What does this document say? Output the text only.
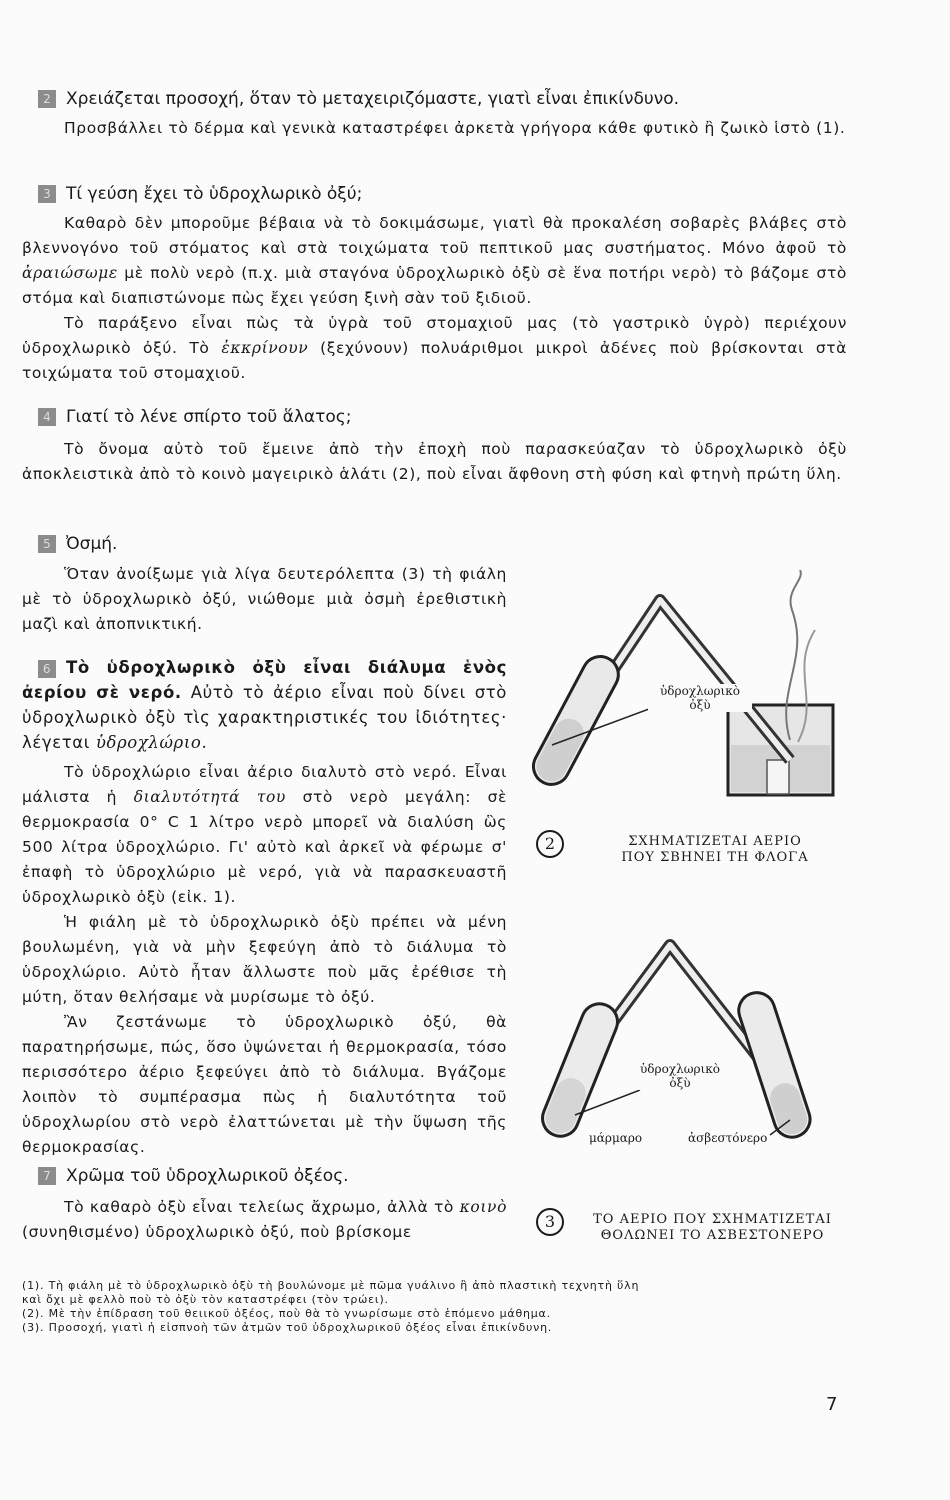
2 Χρειάζεται προσοχή, ὅταν τὸ μεταχειριζόμαστε, γιατὶ εἶναι ἐπικίνδυνο.

Προσβάλλει τὸ δέρμα καὶ γενικὰ καταστρέφει ἀρκετὰ γρήγορα κάθε φυτικὸ ἢ ζωικὸ ἱστὸ (1).

3 Τί γεύση ἔχει τὸ ὑδροχλωρικὸ ὀξύ;

Καθαρὸ δὲν μποροῦμε βέβαια νὰ τὸ δοκιμάσωμε, γιατὶ θὰ προκαλέση σοβαρὲς βλάβες στὸ βλεννογόνο τοῦ στόματος καὶ στὰ τοιχώματα τοῦ πεπτικοῦ μας συστήματος. Μόνο ἀφοῦ τὸ ἀραιώσωμε μὲ πολὺ νερὸ (π.χ. μιὰ σταγόνα ὑδροχλωρικὸ ὀξὺ σὲ ἕνα ποτήρι νερὸ) τὸ βάζομε στὸ στόμα καὶ διαπιστώνομε πὼς ἔχει γεύση ξινὴ σὰν τοῦ ξιδιοῦ.

Τὸ παράξενο εἶναι πὼς τὰ ὑγρὰ τοῦ στομαχιοῦ μας (τὸ γαστρικὸ ὑγρὸ) περιέχουν ὑδροχλωρικὸ ὀξύ. Τὸ ἐκκρίνουν (ξεχύνουν) πολυάριθμοι μικροὶ ἀδένες ποὺ βρίσκονται στὰ τοιχώματα τοῦ στομαχιοῦ.

4 Γιατί τὸ λένε σπίρτο τοῦ ἅλατος;

Τὸ ὄνομα αὐτὸ τοῦ ἔμεινε ἀπὸ τὴν ἐποχὴ ποὺ παρασκεύαζαν τὸ ὑδροχλωρικὸ ὀξὺ ἀποκλειστικὰ ἀπὸ τὸ κοινὸ μαγειρικὸ ἁλάτι (2), ποὺ εἶναι ἄφθονη στὴ φύση καὶ φτηνὴ πρώτη ὕλη.

5 Ὀσμή.

Ὅταν ἀνοίξωμε γιὰ λίγα δευτερόλεπτα (3) τὴ φιάλη μὲ τὸ ὑδροχλωρικὸ ὀξύ, νιώθομε μιὰ ὀσμὴ ἐρεθιστικὴ μαζὶ καὶ ἀποπνικτική.

6 Τὸ ὑδροχλωρικὸ ὀξὺ εἶναι διάλυμα ἑνὸς ἀερίου σὲ νερό. Αὐτὸ τὸ ἀέριο εἶναι ποὺ δίνει στὸ ὑδροχλωρικὸ ὀξὺ τὶς χαρακτηριστικές του ἰδιότητες· λέγεται ὑδροχλώριο.

Τὸ ὑδροχλώριο εἶναι ἀέριο διαλυτὸ στὸ νερό. Εἶναι μάλιστα ἡ διαλυτότητά του στὸ νερὸ μεγάλη: σὲ θερμοκρασία 0° C 1 λίτρο νερὸ μπορεῖ νὰ διαλύση ὣς 500 λίτρα ὑδροχλώριο. Γι' αὐτὸ καὶ ἀρκεῖ νὰ φέρωμε σ' ἐπαφὴ τὸ ὑδροχλώριο μὲ νερό, γιὰ νὰ παρασκευαστῆ ὑδροχλωρικὸ ὀξὺ (εἰκ. 1).

Ἡ φιάλη μὲ τὸ ὑδροχλωρικὸ ὀξὺ πρέπει νὰ μένη βουλωμένη, γιὰ νὰ μὴν ξεφεύγη ἀπὸ τὸ διάλυμα τὸ ὑδροχλώριο. Αὐτὸ ἦταν ἄλλωστε ποὺ μᾶς ἐρέθισε τὴ μύτη, ὅταν θελήσαμε νὰ μυρίσωμε τὸ ὀξύ.

Ἂν ζεστάνωμε τὸ ὑδροχλωρικὸ ὀξύ, θὰ παρατηρήσωμε, πώς, ὅσο ὑψώνεται ἡ θερμοκρασία, τόσο περισσότερο ἀέριο ξεφεύγει ἀπὸ τὸ διάλυμα. Βγάζομε λοιπὸν τὸ συμπέρασμα πὼς ἡ διαλυτότητα τοῦ ὑδροχλωρίου στὸ νερὸ ἐλαττώνεται μὲ τὴν ὕψωση τῆς θερμοκρασίας.

7 Χρῶμα τοῦ ὑδροχλωρικοῦ ὀξέος.

Τὸ καθαρὸ ὀξὺ εἶναι τελείως ἄχρωμο, ἀλλὰ τὸ κοινὸ (συνηθισμένο) ὑδροχλωρικὸ ὀξύ, ποὺ βρίσκομε

ὑδροχλωρικὸ ὀξὺ
2	ΣΧΗΜΑΤΙΖΕΤΑΙ ΑΕΡΙΟ
ΠΟΥ ΣΒΗΝΕΙ ΤΗ ΦΛΟΓΑ
ὑδροχλωρικὸ ὀξὺ
μάρμαρο	ἀσβεστόνερο
3	ΤΟ ΑΕΡΙΟ ΠΟΥ ΣΧΗΜΑΤΙΖΕΤΑΙ
ΘΟΛΩΝΕΙ ΤΟ ΑΣΒΕΣΤΟΝΕΡΟ
(1). Τὴ φιάλη μὲ τὸ ὑδροχλωρικὸ ὀξὺ τὴ βουλώνομε μὲ πῶμα γυάλινο ἢ ἀπὸ πλαστικὴ τεχνητὴ ὕλη
καὶ ὄχι μὲ φελλὸ ποὺ τὸ ὀξὺ τὸν καταστρέφει (τὸν τρώει).
(2). Μὲ τὴν ἐπίδραση τοῦ θειικοῦ ὀξέος, ποὺ θὰ τὸ γνωρίσωμε στὸ ἑπόμενο μάθημα.
(3). Προσοχή, γιατὶ ἡ εἰσπνοὴ τῶν ἀτμῶν τοῦ ὑδροχλωρικοῦ ὀξέος εἶναι ἐπικίνδυνη.
7
